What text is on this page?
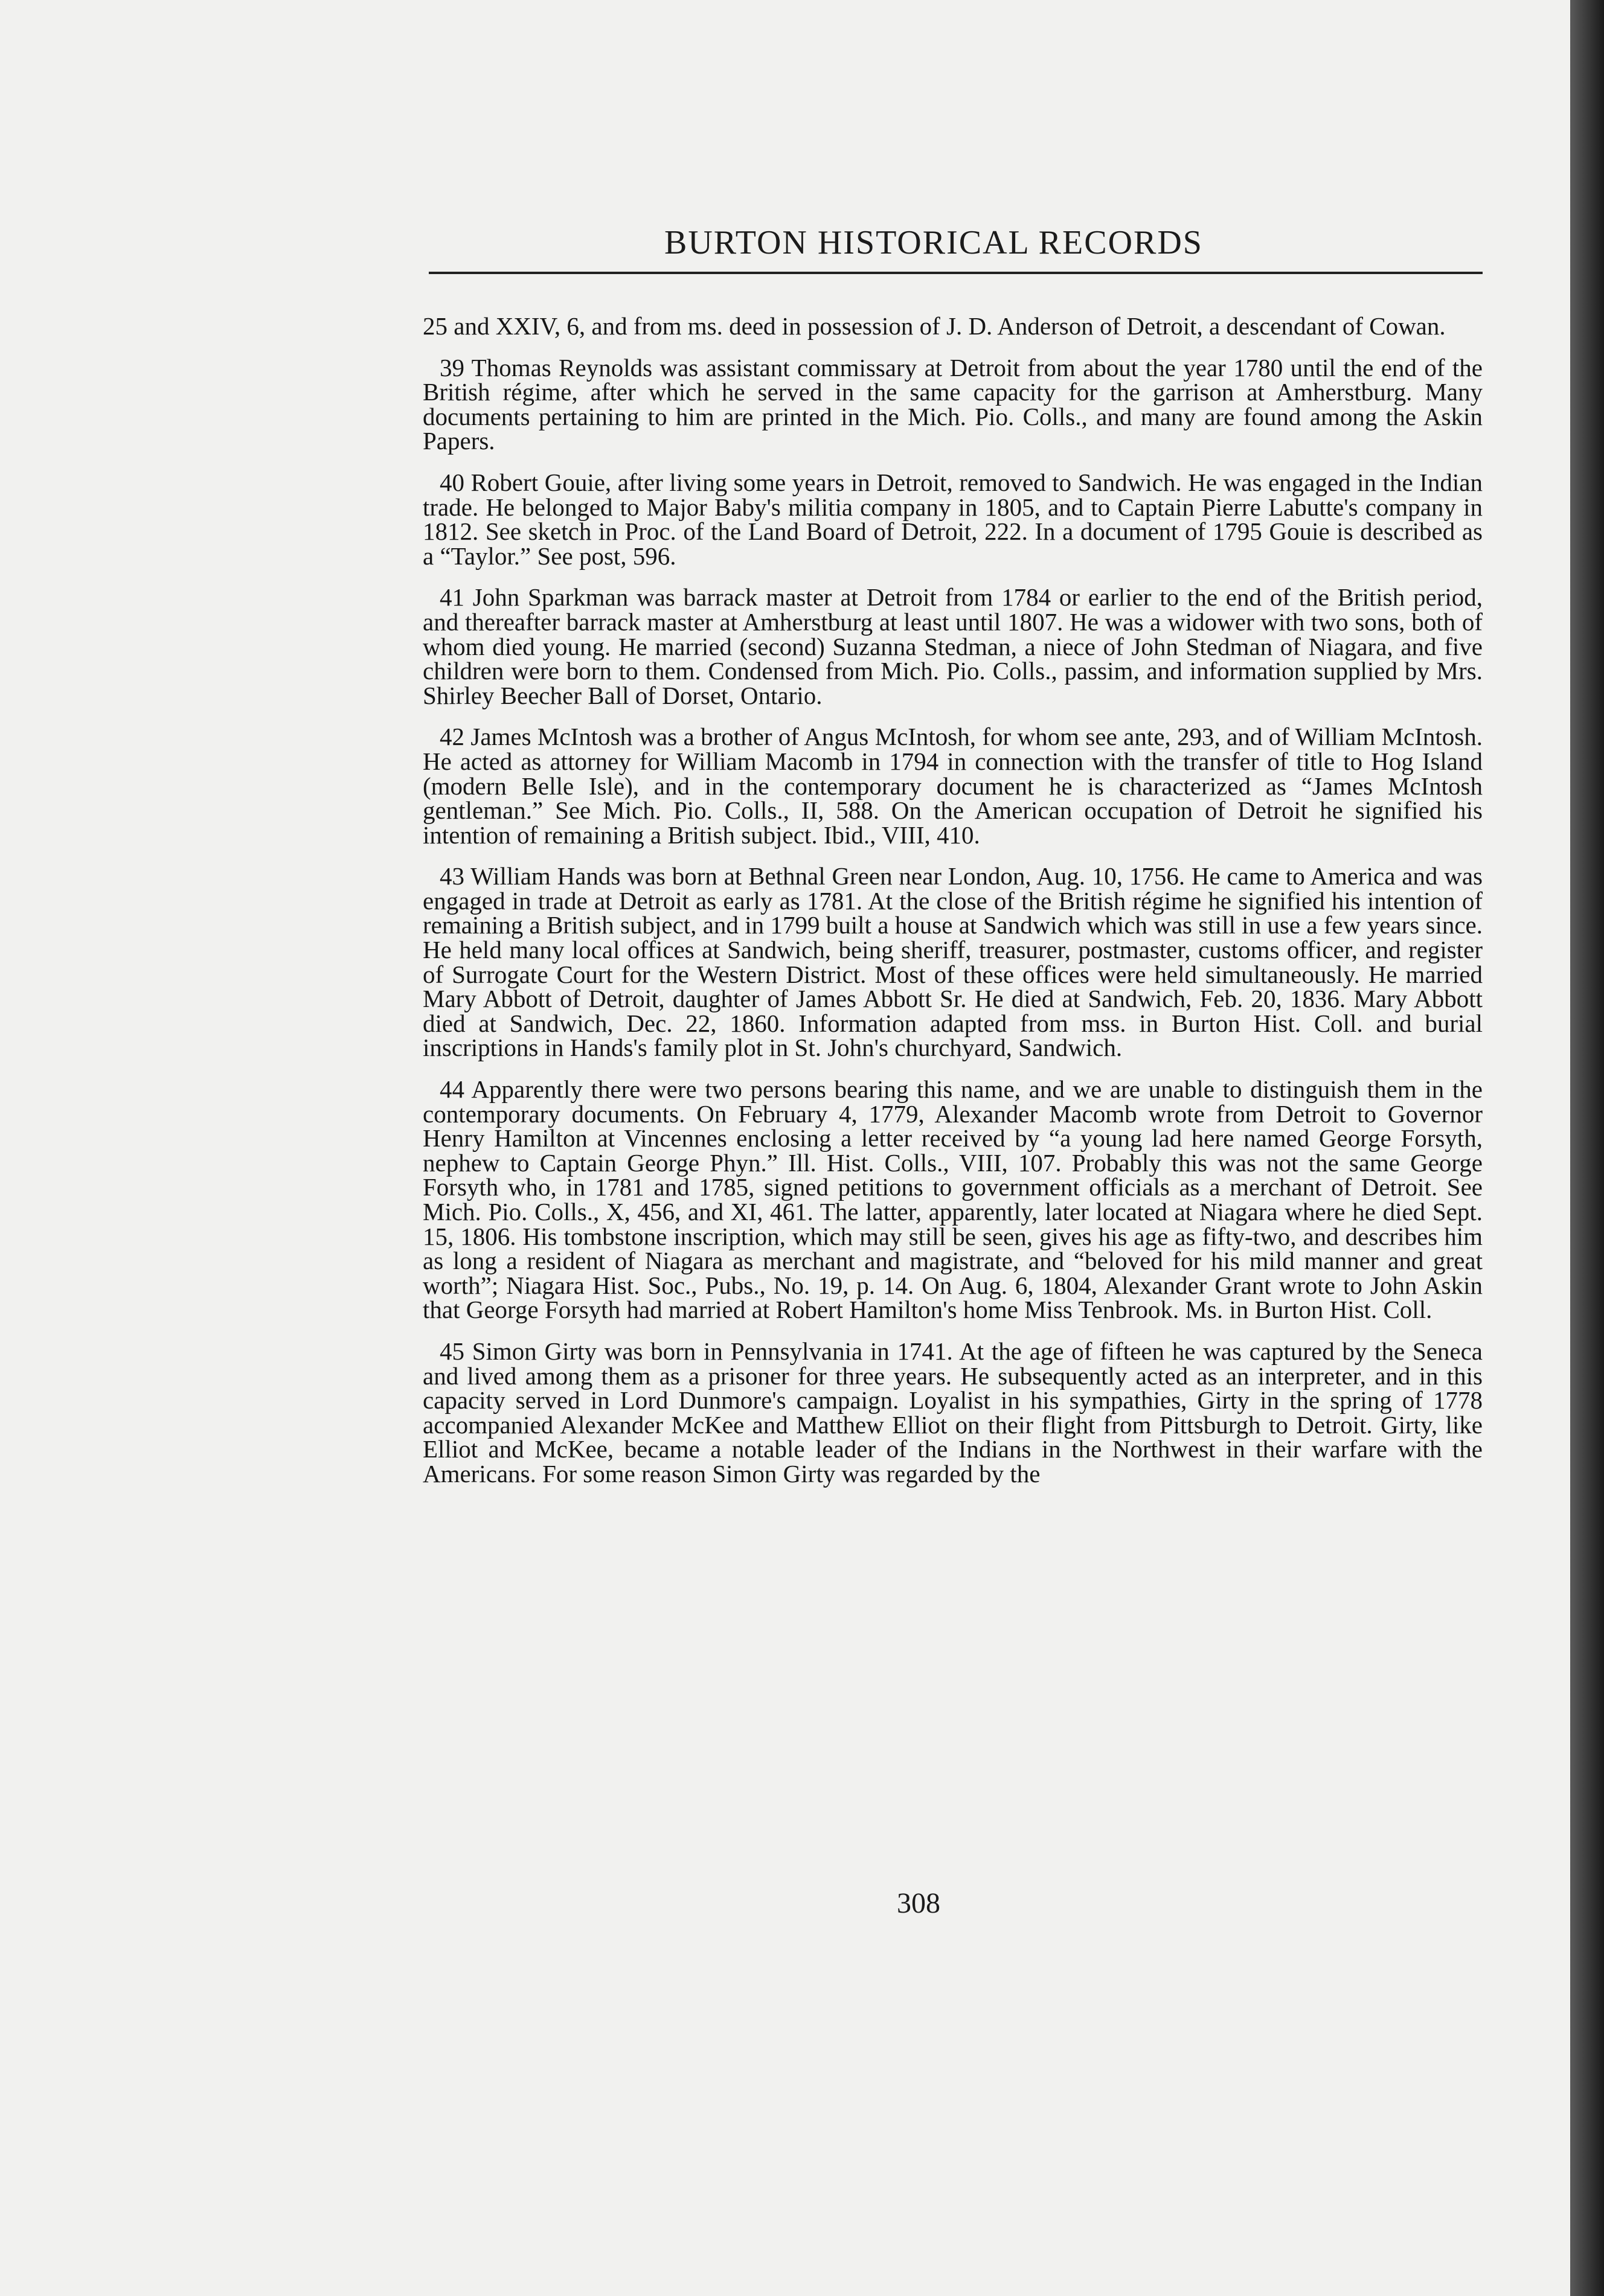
BURTON HISTORICAL RECORDS

25 and XXIV, 6, and from ms. deed in possession of J. D. Anderson of Detroit, a descendant of Cowan.

39 Thomas Reynolds was assistant commissary at Detroit from about the year 1780 until the end of the British régime, after which he served in the same capacity for the garrison at Amherstburg. Many documents pertaining to him are printed in the Mich. Pio. Colls., and many are found among the Askin Papers.

40 Robert Gouie, after living some years in Detroit, removed to Sandwich. He was engaged in the Indian trade. He belonged to Major Baby's militia company in 1805, and to Captain Pierre Labutte's company in 1812. See sketch in Proc. of the Land Board of Detroit, 222. In a document of 1795 Gouie is described as a “Taylor.” See post, 596.

41 John Sparkman was barrack master at Detroit from 1784 or earlier to the end of the British period, and thereafter barrack master at Amherstburg at least until 1807. He was a widower with two sons, both of whom died young. He married (second) Suzanna Stedman, a niece of John Stedman of Niagara, and five children were born to them. Condensed from Mich. Pio. Colls., passim, and information supplied by Mrs. Shirley Beecher Ball of Dorset, Ontario.

42 James McIntosh was a brother of Angus McIntosh, for whom see ante, 293, and of William McIntosh. He acted as attorney for William Macomb in 1794 in connection with the transfer of title to Hog Island (modern Belle Isle), and in the contemporary document he is characterized as “James McIntosh gentleman.” See Mich. Pio. Colls., II, 588. On the American occupation of Detroit he signified his intention of remaining a British subject. Ibid., VIII, 410.

43 William Hands was born at Bethnal Green near London, Aug. 10, 1756. He came to America and was engaged in trade at Detroit as early as 1781. At the close of the British régime he signified his intention of remaining a British subject, and in 1799 built a house at Sandwich which was still in use a few years since. He held many local offices at Sandwich, being sheriff, treasurer, postmaster, customs officer, and register of Surrogate Court for the Western District. Most of these offices were held simultaneously. He married Mary Abbott of Detroit, daughter of James Abbott Sr. He died at Sandwich, Feb. 20, 1836. Mary Abbott died at Sandwich, Dec. 22, 1860. Information adapted from mss. in Burton Hist. Coll. and burial inscriptions in Hands's family plot in St. John's churchyard, Sandwich.

44 Apparently there were two persons bearing this name, and we are unable to distinguish them in the contemporary documents. On February 4, 1779, Alexander Macomb wrote from Detroit to Governor Henry Hamilton at Vincennes enclosing a letter received by “a young lad here named George Forsyth, nephew to Captain George Phyn.” Ill. Hist. Colls., VIII, 107. Probably this was not the same George Forsyth who, in 1781 and 1785, signed petitions to government officials as a merchant of Detroit. See Mich. Pio. Colls., X, 456, and XI, 461. The latter, apparently, later located at Niagara where he died Sept. 15, 1806. His tombstone inscription, which may still be seen, gives his age as fifty-two, and describes him as long a resident of Niagara as merchant and magistrate, and “beloved for his mild manner and great worth”; Niagara Hist. Soc., Pubs., No. 19, p. 14. On Aug. 6, 1804, Alexander Grant wrote to John Askin that George Forsyth had married at Robert Hamilton's home Miss Tenbrook. Ms. in Burton Hist. Coll.

45 Simon Girty was born in Pennsylvania in 1741. At the age of fifteen he was captured by the Seneca and lived among them as a prisoner for three years. He subsequently acted as an interpreter, and in this capacity served in Lord Dunmore's campaign. Loyalist in his sympathies, Girty in the spring of 1778 accompanied Alexander McKee and Matthew Elliot on their flight from Pittsburgh to Detroit. Girty, like Elliot and McKee, became a notable leader of the Indians in the Northwest in their warfare with the Americans. For some reason Simon Girty was regarded by the

308
